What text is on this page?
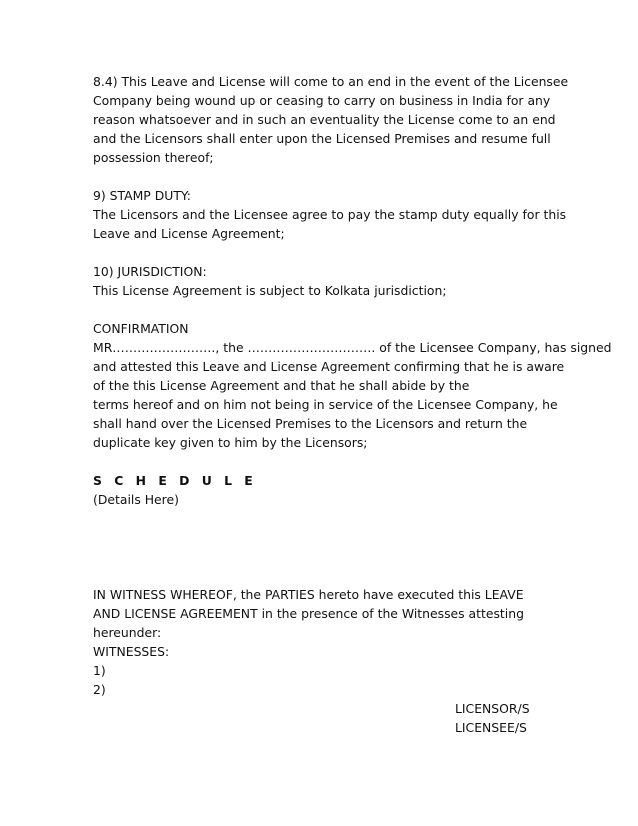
8.4) This Leave and License will come to an end in the event of the Licensee
Company being wound up or ceasing to carry on business in India for any
reason whatsoever and in such an eventuality the License come to an end
and the Licensors shall enter upon the Licensed Premises and resume full
possession thereof;
9) STAMP DUTY:
The Licensors and the Licensee agree to pay the stamp duty equally for this
Leave and License Agreement;
10) JURISDICTION:
This License Agreement is subject to Kolkata jurisdiction;
CONFIRMATION
MR……………………., the …………………………. of the Licensee Company, has signed
and attested this Leave and License Agreement confirming that he is aware
of the this License Agreement and that he shall abide by the
terms hereof and on him not being in service of the Licensee Company, he
shall hand over the Licensed Premises to the Licensors and return the
duplicate key given to him by the Licensors;
S C H E D U L E
(Details Here)
IN WITNESS WHEREOF, the PARTIES hereto have executed this LEAVE
AND LICENSE AGREEMENT in the presence of the Witnesses attesting
hereunder:
WITNESSES:
1)
2)
LICENSOR/S
LICENSEE/S
